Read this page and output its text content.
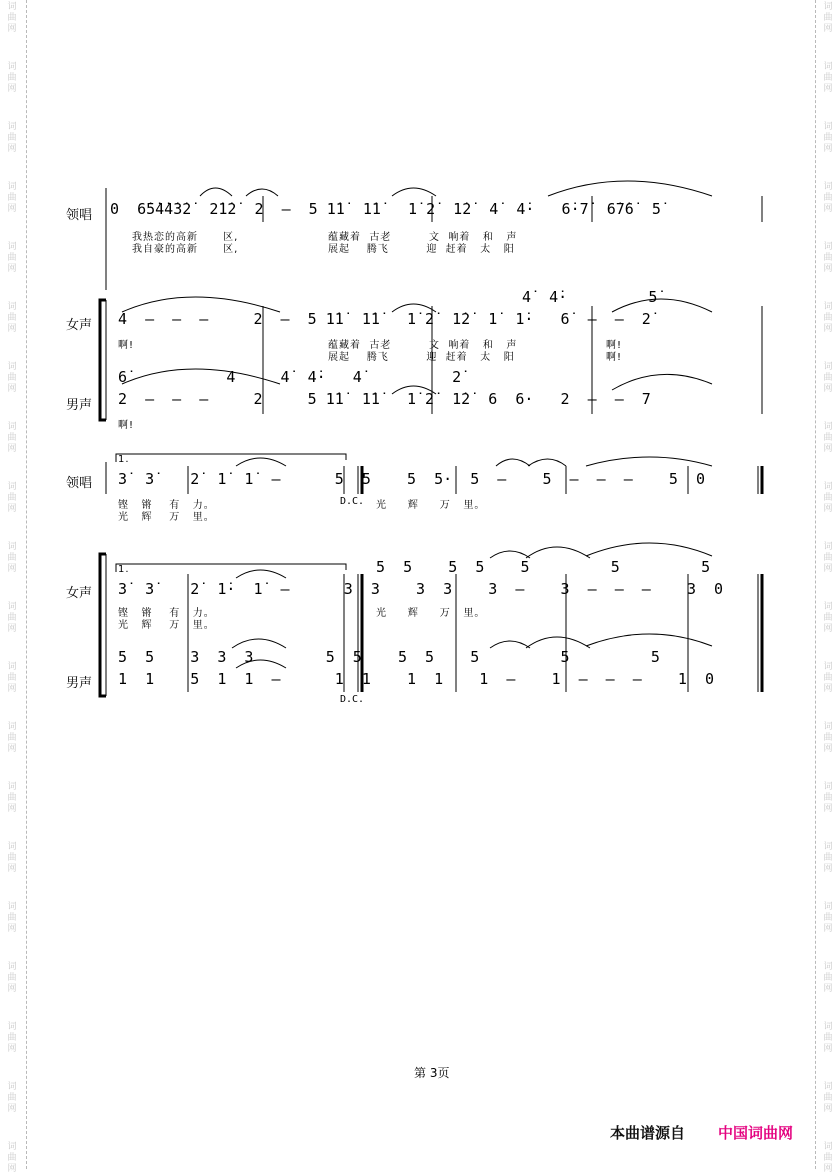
词
曲
网
词
曲
网
词
曲
网
词
曲
网
词
曲
网
词
曲
网
词
曲
网
词
曲
网
词
曲
网
词
曲
网
词
曲
网
词
曲
网
词
曲
网
词
曲
网
词
曲
网
词
曲
网
词
曲
网
词
曲
网
词
曲
网
词
曲
网
词
曲
网
词
曲
网
词
曲
网
词
曲
网
词
曲
网
词
曲
网
词
曲
网
词
曲
网
词
曲
网
词
曲
网
词
曲
网
词
曲
网
词
曲
网
词
曲
网
词
曲
网
词
曲
网
词
曲
网
词
曲
网
词
曲
网
词
曲
网
领唱 0  6̇5̇4̇4̇3̇2̇  2̇1̇2̇  2  –  5 1̇1̇  1̇1̇   1̇ 2̇  1̇2̇  4̇  4̇·   6̇·7̇  6̇7̇6̇  5̇
我热恋的高新      区,
我自豪的高新      区,
蕴藏着  古老         文  响着   和   声
展起    腾飞         迎  赶着   太   阳
女声
4̇  4̇·         5̇
4  –  –  –     2  –  5 1̇1̇  1̇1̇   1̇ 2̇  1̇2̇  1̇  1̇·   6̇  –  –  2̇
啊!	蕴藏着  古老         文  响着   和   声
展起    腾飞         迎  赶着   太   阳
啊!
啊!
男声
6̇           4     4̇  4̇·   4̇          2̇
2  –  –  –     2     5 1̇1̇  1̇1̇   1̇ 2̇  1̇2̇  6  6·   2  –  –  7
啊!
1.
领唱 3̇  3̇    2̇  1̇  1̇  –      5  5    5  5·  5  –    5  –  –  –    5  0
铿   锵    有   力。
光   辉    万   里。
D.C. 光     辉     万   里。
1.
女声
5  5    5  5    5         5         5
3̇  3̇    2̇  1̇·  1̇  –      3  3    3  3    3  –    3  –  –  –    3  0
铿   锵    有   力。
光   辉    万   里。
光     辉     万   里。
男声
5  5    3  3  3        5  5    5  5    5         5         5
1  1    5  1  1  –      1  1    1  1    1  –    1  –  –  –    1  0
D.C.
第 3页
本曲谱源自 中国词曲网
